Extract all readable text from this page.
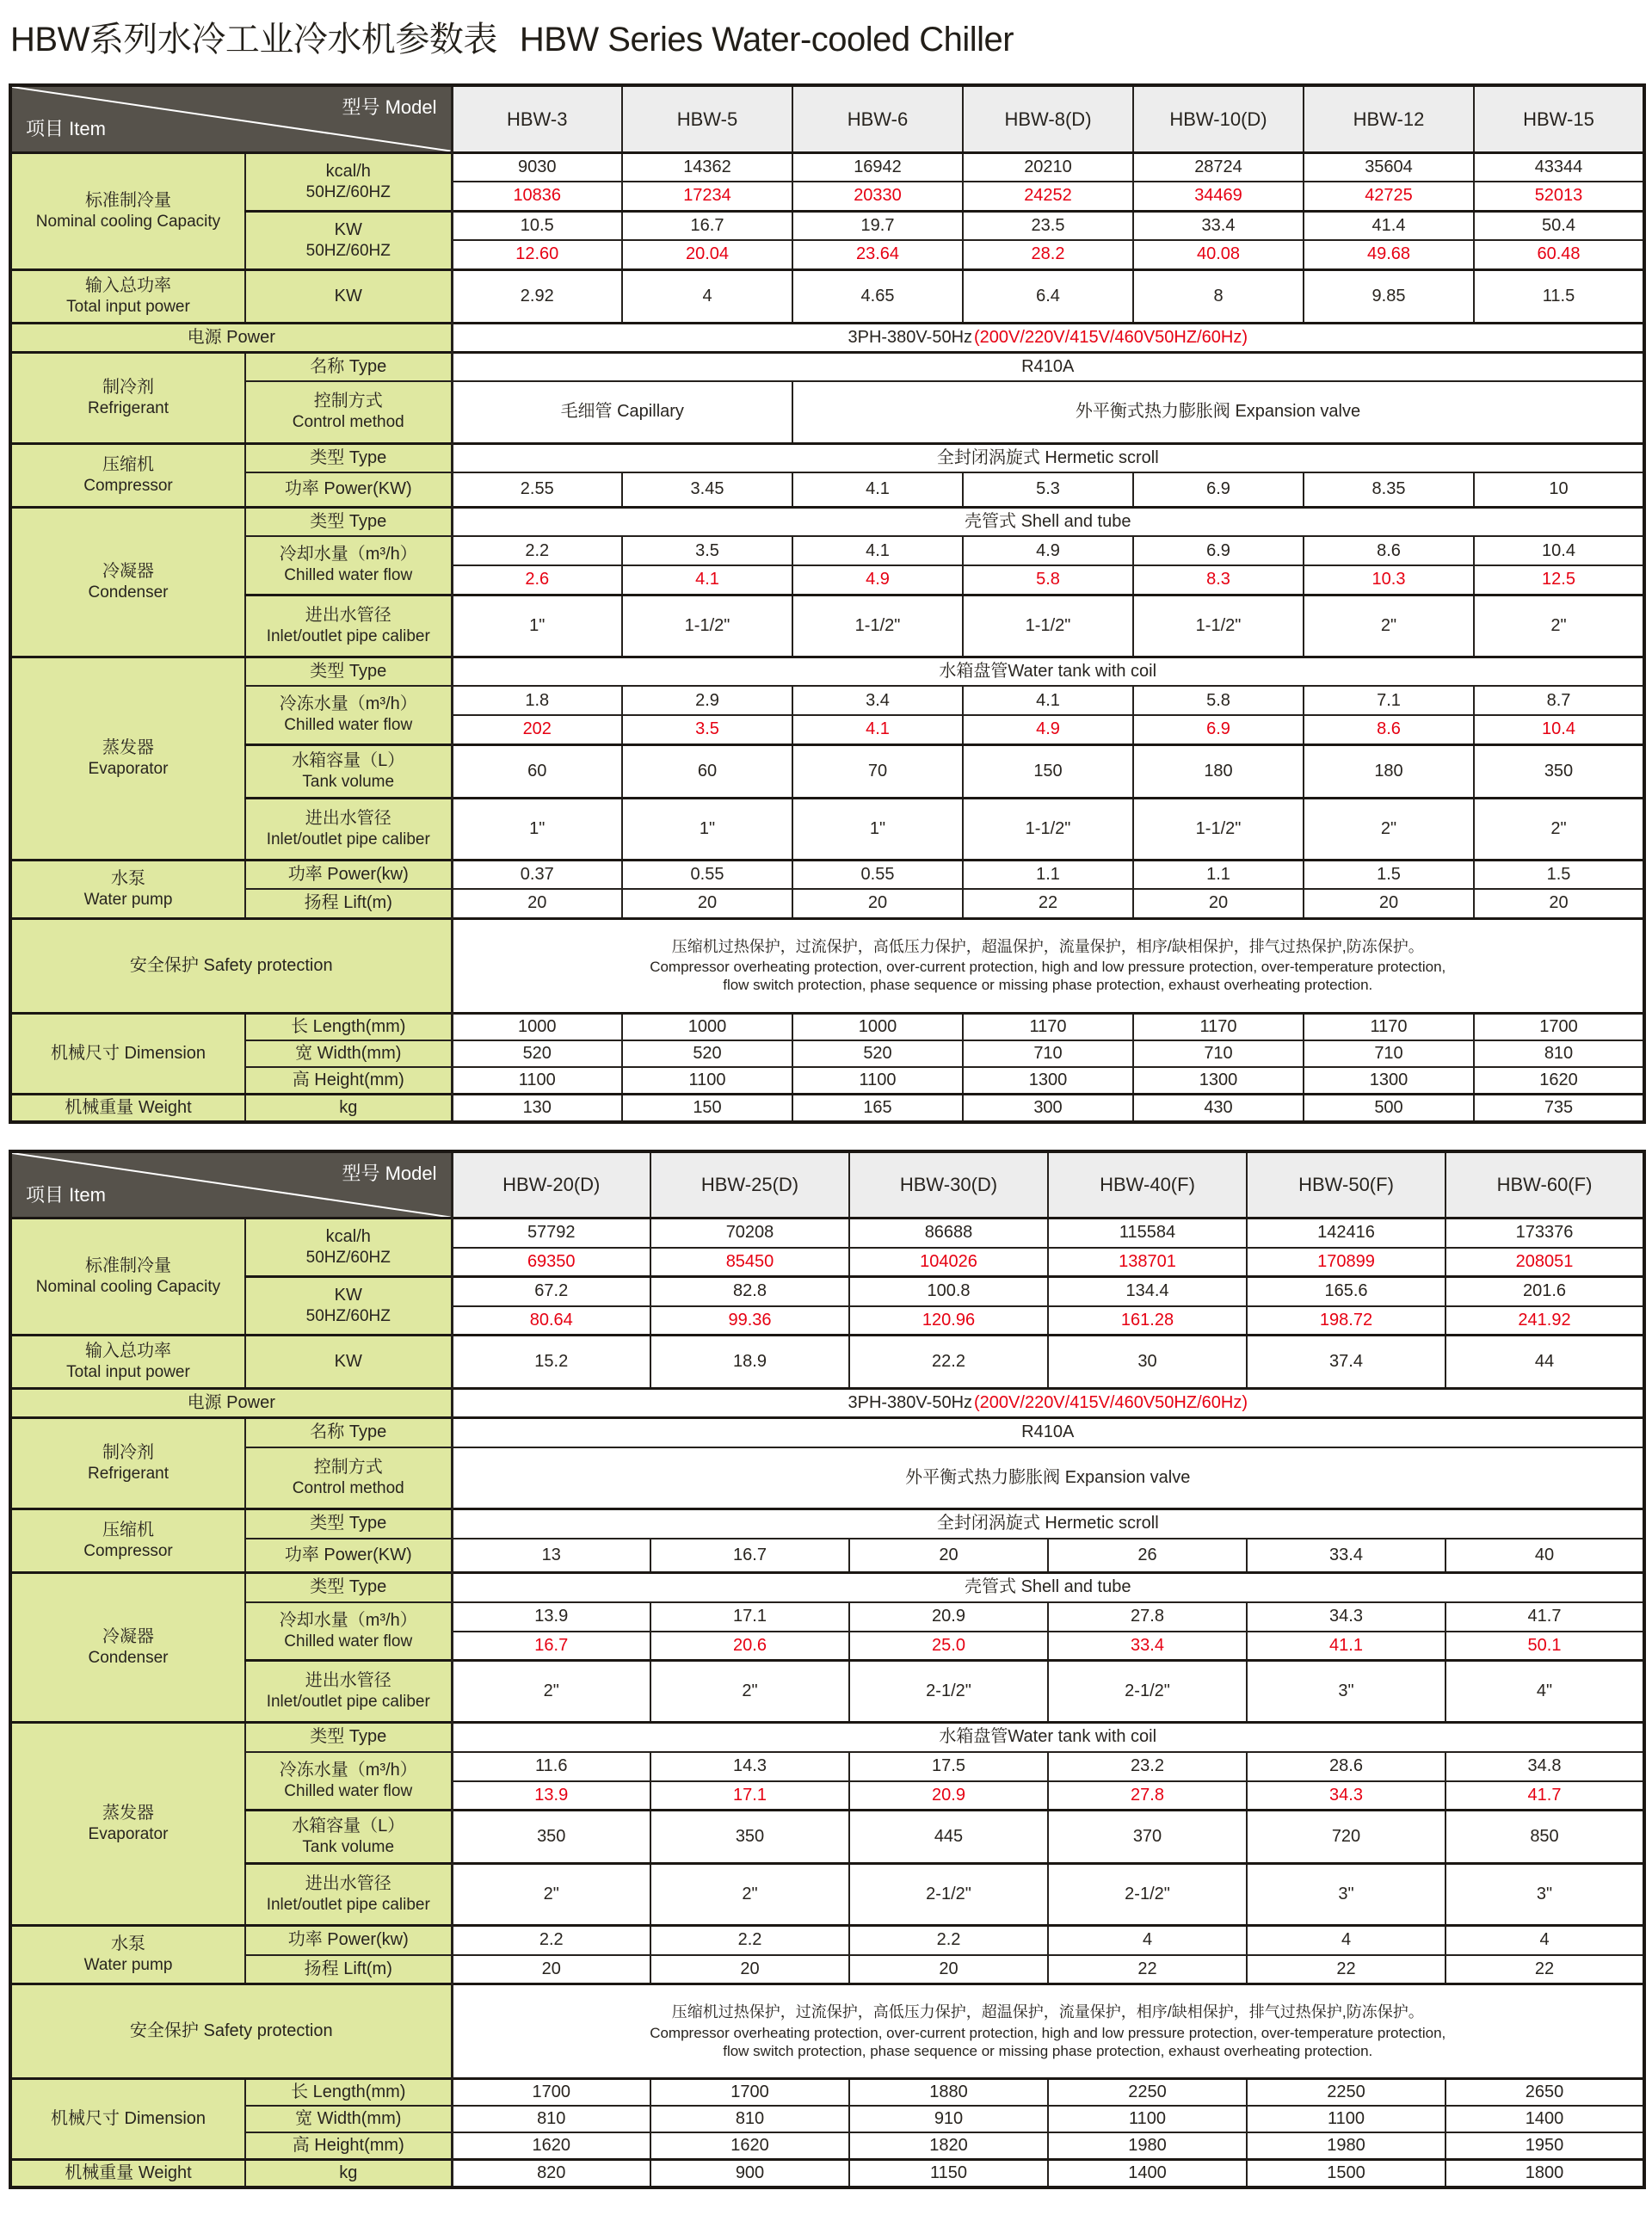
HBW系列水冷工业冷水机参数表 HBW Series Water-cooled Chiller
型号 Model
项目 Item		HBW-3	HBW-5	HBW-6	HBW-8(D)	HBW-10(D)	HBW-12	HBW-15

标准制冷量
Nominal cooling Capacity

kcal/h
50HZ/60HZ
	9030	14362	16942	20210	28724	35604	43344
		10836	17234	20330	24252	34469	42725	52013

	KW
50HZ/60HZ	10.5	16.7	19.7	23.5	33.4	41.4	50.4
		12.60	20.04	23.64	28.2	40.08	49.68	60.48

输入总功率
Total input power	KW	2.92	4	4.65	6.4	8	9.85	11.5
电源 Power		3PH-380V-50Hz (200V/220V/415V/460V50HZ/60Hz)						

制冷剂
Refrigerant	名称 Type	R410A						

	控制方式
Control method	毛细管 Capillary		外平衡式热力膨胀阀 Expansion valve				

压缩机
Compressor	类型 Type	全封闭涡旋式 Hermetic scroll						
	功率 Power(KW)	2.55	3.45	4.1	5.3	6.9	8.35	10

冷凝器
Condenser	类型 Type	壳管式 Shell and tube						

	冷却水量（m³/h）
Chilled water flow	2.2	3.5	4.1	4.9	6.9	8.6	10.4
		2.6	4.1	4.9	5.8	8.3	10.3	12.5

	进出水管径
Inlet/outlet pipe caliber	1"	1-1/2"	1-1/2"	1-1/2"	1-1/2"	2"	2"

蒸发器
Evaporator	类型 Type	水箱盘管Water tank with coil						

	冷冻水量（m³/h）
Chilled water flow	1.8	2.9	3.4	4.1	5.8	7.1	8.7
		202	3.5	4.1	4.9	6.9	8.6	10.4

	水箱容量（L）
Tank volume	60	60	70	150	180	180	350

	进出水管径
Inlet/outlet pipe caliber	1"	1"	1"	1-1/2"	1-1/2"	2"	2"

水泵
Water pump	功率 Power(kw)	0.37	0.55	0.55	1.1	1.1	1.5	1.5
	扬程 Lift(m)	20	20	20	22	20	20	20
安全保护 Safety protection		压缩机过热保护，过流保护，高低压力保护，超温保护，流量保护，相序/缺相保护，排气过热保护,防冻保护。
Compressor overheating protection, over-current protection, high and low pressure protection, over-temperature protection,
flow switch protection, phase sequence or missing phase protection, exhaust overheating protection.						

机械尺寸 Dimension	长 Length(mm)	1000	1000	1000	1170	1170	1170	1700
	宽 Width(mm)	520	520	520	710	710	710	810
	高 Height(mm)	1100	1100	1100	1300	1300	1300	1620
机械重量 Weight	kg	130	150	165	300	430	500	735
型号 Model
项目 Item		HBW-20(D)	HBW-25(D)	HBW-30(D)	HBW-40(F)	HBW-50(F)	HBW-60(F)

标准制冷量
Nominal cooling Capacity

kcal/h
50HZ/60HZ
	57792	70208	86688	115584	142416	173376
		69350	85450	104026	138701	170899	208051

	KW
50HZ/60HZ	67.2	82.8	100.8	134.4	165.6	201.6
		80.64	99.36	120.96	161.28	198.72	241.92

输入总功率
Total input power	KW	15.2	18.9	22.2	30	37.4	44
电源 Power		3PH-380V-50Hz (200V/220V/415V/460V50HZ/60Hz)					

制冷剂
Refrigerant	名称 Type	R410A					

	控制方式
Control method	外平衡式热力膨胀阀 Expansion valve					

压缩机
Compressor	类型 Type	全封闭涡旋式 Hermetic scroll					
	功率 Power(KW)	13	16.7	20	26	33.4	40

冷凝器
Condenser	类型 Type	壳管式 Shell and tube					

	冷却水量（m³/h）
Chilled water flow	13.9	17.1	20.9	27.8	34.3	41.7
		16.7	20.6	25.0	33.4	41.1	50.1

	进出水管径
Inlet/outlet pipe caliber	2"	2"	2-1/2"	2-1/2"	3"	4"

蒸发器
Evaporator	类型 Type	水箱盘管Water tank with coil					

	冷冻水量（m³/h）
Chilled water flow	11.6	14.3	17.5	23.2	28.6	34.8
		13.9	17.1	20.9	27.8	34.3	41.7

	水箱容量（L）
Tank volume	350	350	445	370	720	850

	进出水管径
Inlet/outlet pipe caliber	2"	2"	2-1/2"	2-1/2"	3"	3"

水泵
Water pump	功率 Power(kw)	2.2	2.2	2.2	4	4	4
	扬程 Lift(m)	20	20	20	22	22	22
安全保护 Safety protection		压缩机过热保护，过流保护，高低压力保护，超温保护，流量保护，相序/缺相保护，排气过热保护,防冻保护。
Compressor overheating protection, over-current protection, high and low pressure protection, over-temperature protection,
flow switch protection, phase sequence or missing phase protection, exhaust overheating protection.					

机械尺寸 Dimension	长 Length(mm)	1700	1700	1880	2250	2250	2650
	宽 Width(mm)	810	810	910	1100	1100	1400
	高 Height(mm)	1620	1620	1820	1980	1980	1950
机械重量 Weight	kg	820	900	1150	1400	1500	1800
